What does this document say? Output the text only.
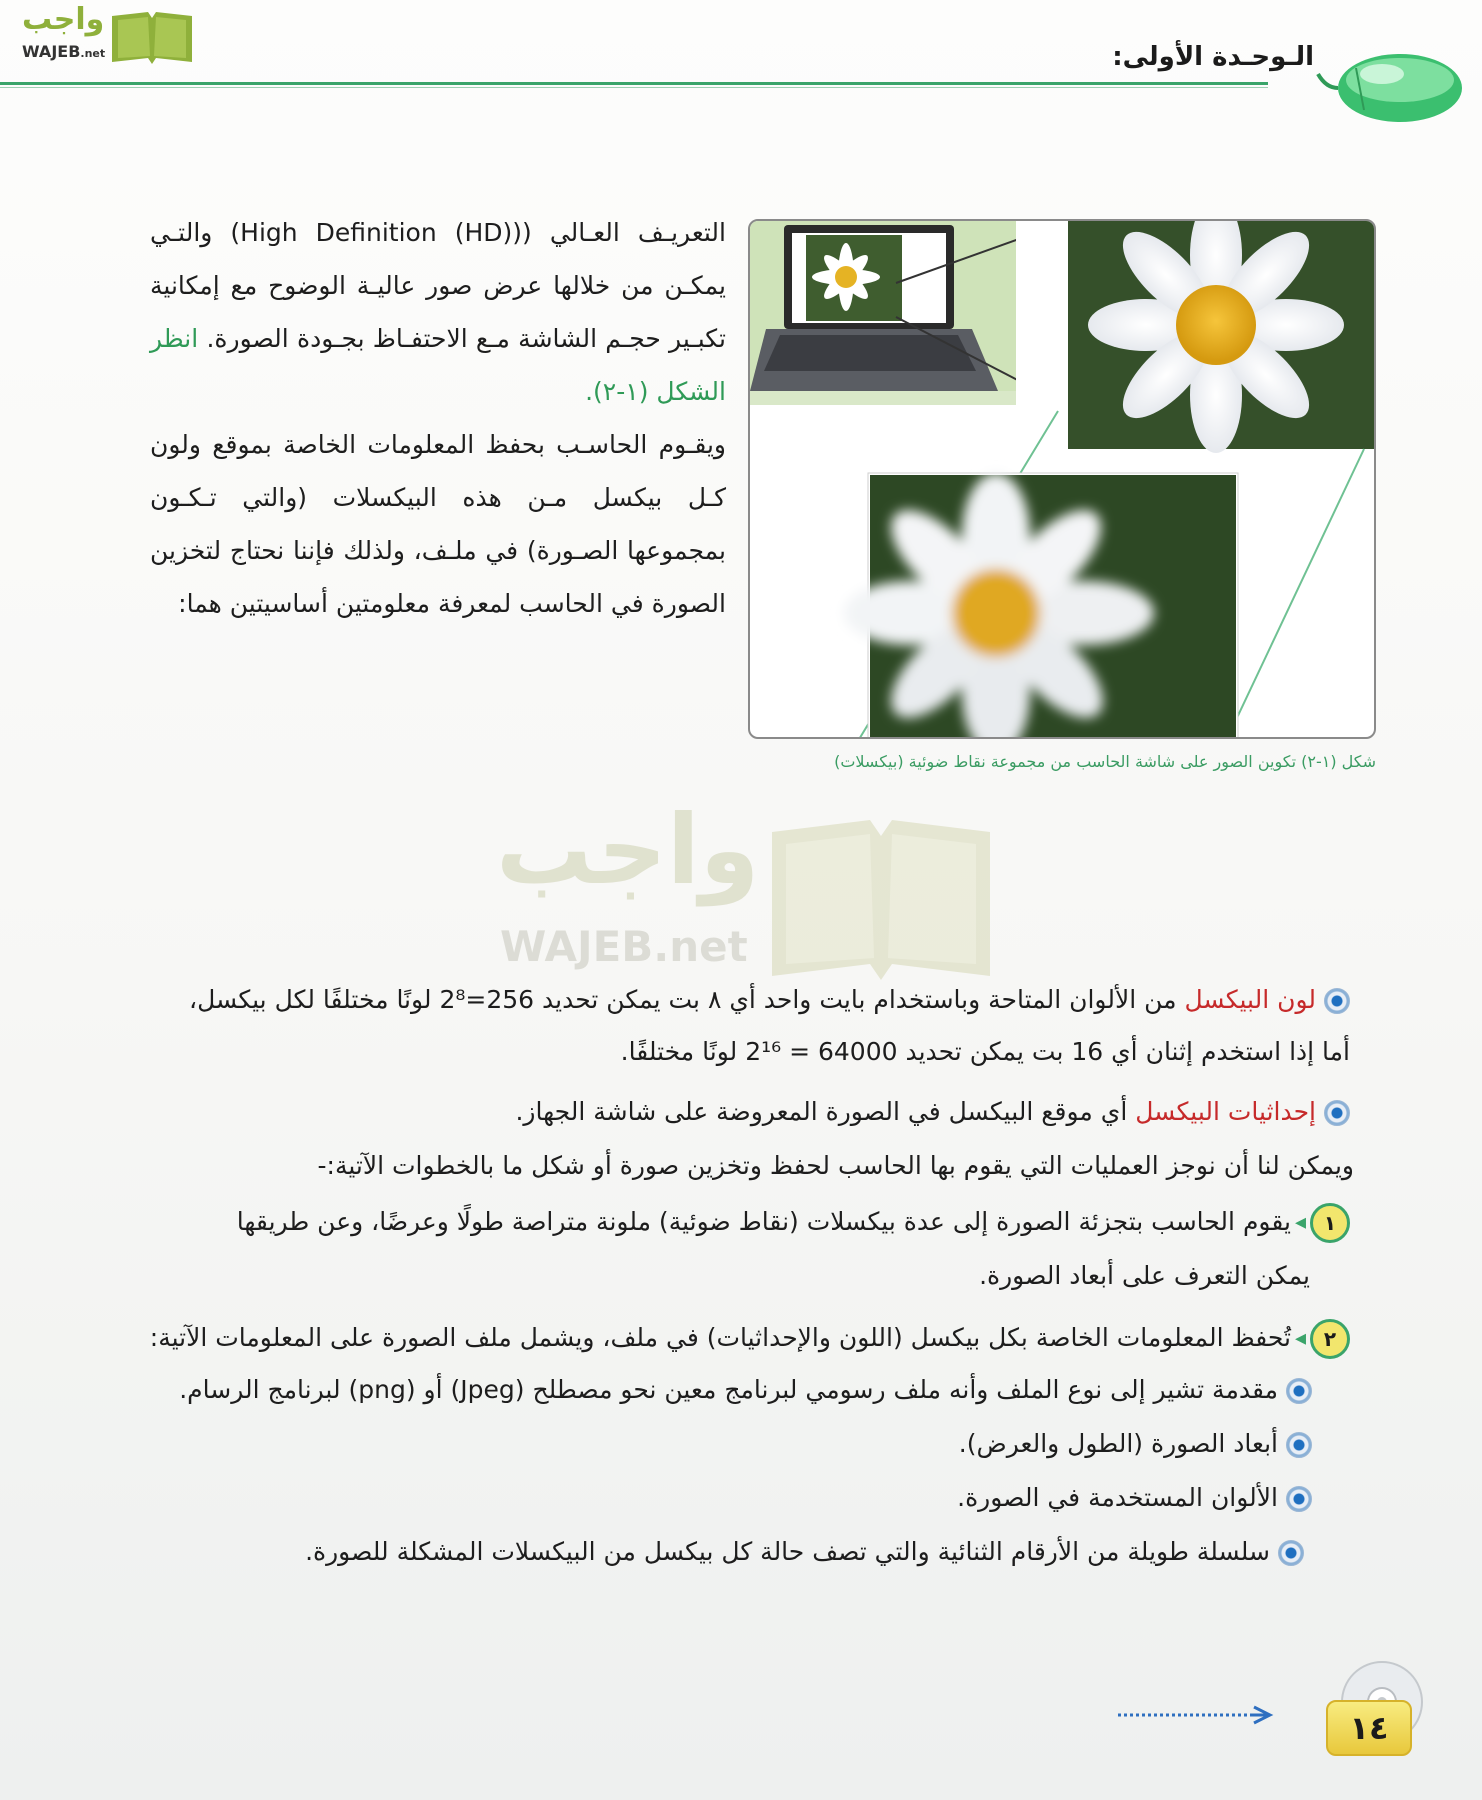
واجب
WAJEB.net	الـوحـدة الأولى:
شكل (١-٢) تكوين الصور على شاشة الحاسب من مجموعة نقاط ضوئية (بيكسلات)
التعريـف العـالي ((High Definition (HD)) والتـي يمكـن من خلالها عرض صور عاليـة الوضوح مع إمكانية تكبـير حجـم الشاشة مـع الاحتفـاظ بجـودة الصورة. انظر الشكل (١-٢).
ويقـوم الحاسـب بحفظ المعلومات الخاصة بموقع ولون كـل بيكسل مـن هذه البيكسلات (والتي تـكـون بمجموعها الصـورة) في ملـف، ولذلك فإننا نحتاج لتخزين الصورة في الحاسب لمعرفة معلومتين أساسيتين هما:
واجب
WAJEB.net
لون البيكسل من الألوان المتاحة وباستخدام بايت واحد أي ٨ بت يمكن تحديد 2⁸=256 لونًا مختلفًا لكل بيكسل،
أما إذا استخدم إثنان أي 16 بت يمكن تحديد 2¹⁶ = 64000 لونًا مختلفًا.
إحداثيات البيكسل أي موقع البيكسل في الصورة المعروضة على شاشة الجهاز.
ويمكن لنا أن نوجز العمليات التي يقوم بها الحاسب لحفظ وتخزين صورة أو شكل ما بالخطوات الآتية:-
١◂يقوم الحاسب بتجزئة الصورة إلى عدة بيكسلات (نقاط ضوئية) ملونة متراصة طولًا وعرضًا، وعن طريقها
يمكن التعرف على أبعاد الصورة.
٢◂تُحفظ المعلومات الخاصة بكل بيكسل (اللون والإحداثيات) في ملف، ويشمل ملف الصورة على المعلومات الآتية:
مقدمة تشير إلى نوع الملف وأنه ملف رسومي لبرنامج معين نحو مصطلح (Jpeg) أو (png) لبرنامج الرسام.
أبعاد الصورة (الطول والعرض).
الألوان المستخدمة في الصورة.
سلسلة طويلة من الأرقام الثنائية والتي تصف حالة كل بيكسل من البيكسلات المشكلة للصورة.
١٤
